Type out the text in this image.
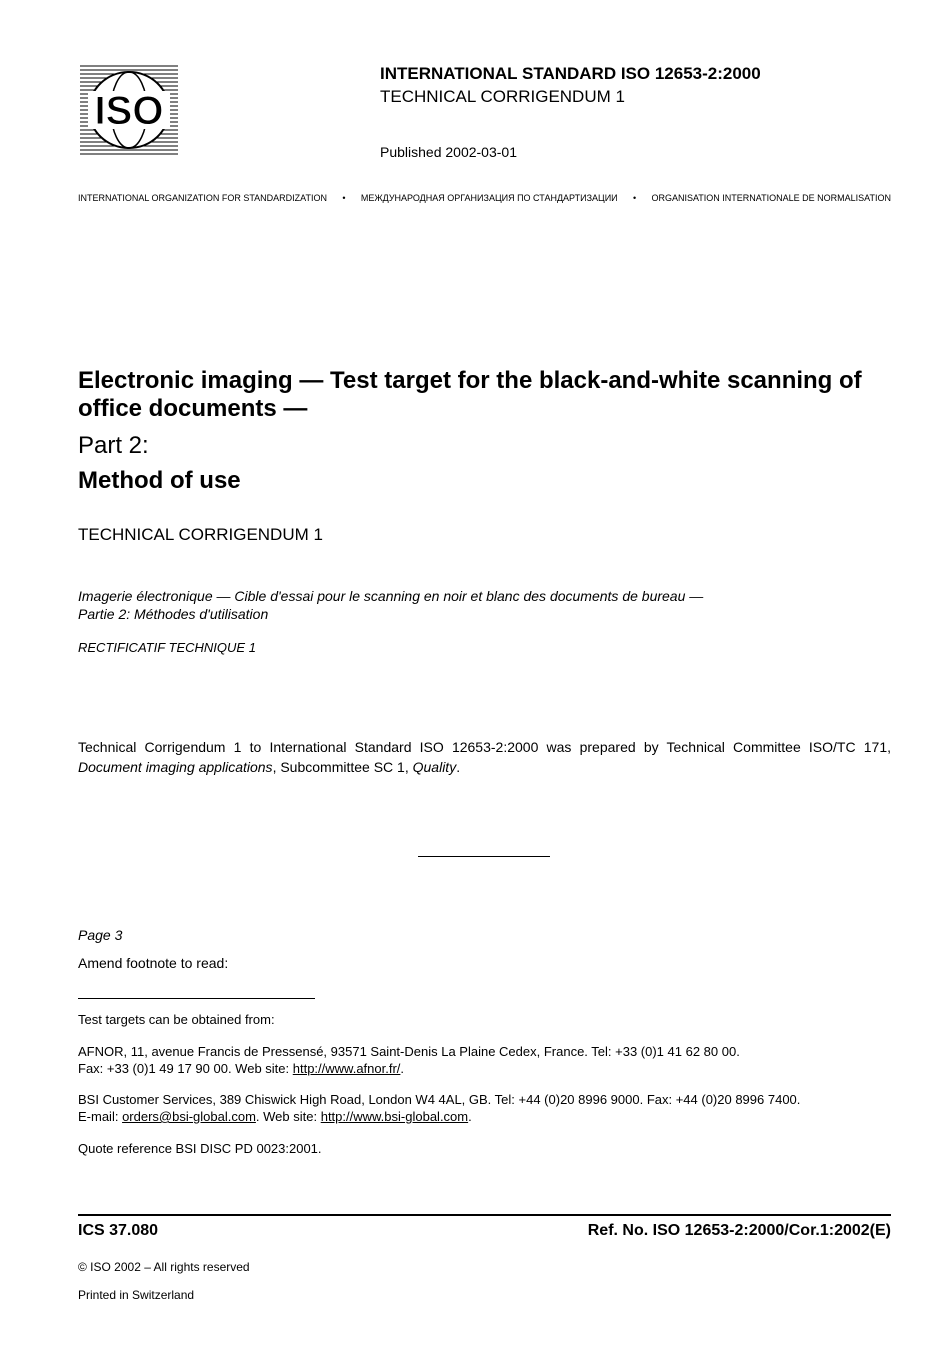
ISO
INTERNATIONAL STANDARD ISO 12653-2:2000
TECHNICAL CORRIGENDUM 1
Published 2002-03-01
INTERNATIONAL ORGANIZATION FOR STANDARDIZATION	•	МЕЖДУНАРОДНАЯ ОРГАНИЗАЦИЯ ПО СТАНДАРТИЗАЦИИ	•	ORGANISATION INTERNATIONALE DE NORMALISATION
Electronic imaging — Test target for the black-and-white scanning of office documents —
Part 2:
Method of use
TECHNICAL CORRIGENDUM 1
Imagerie électronique — Cible d'essai pour le scanning en noir et blanc des documents de bureau —
Partie 2: Méthodes d'utilisation
RECTIFICATIF TECHNIQUE 1
Technical Corrigendum 1 to International Standard ISO 12653-2:2000 was prepared by Technical Committee ISO/TC 171, Document imaging applications, Subcommittee SC 1, Quality.
Page 3
Amend footnote to read:
Test targets can be obtained from:
AFNOR, 11, avenue Francis de Pressensé, 93571 Saint-Denis La Plaine Cedex, France. Tel: +33 (0)1 41 62 80 00.
Fax: +33 (0)1 49 17 90 00. Web site: http://www.afnor.fr/.
BSI Customer Services, 389 Chiswick High Road, London W4 4AL, GB. Tel: +44 (0)20 8996 9000. Fax: +44 (0)20 8996 7400.
E-mail: orders@bsi-global.com. Web site: http://www.bsi-global.com.
Quote reference BSI DISC PD 0023:2001.
ICS 37.080	Ref. No. ISO 12653-2:2000/Cor.1:2002(E)
© ISO 2002 – All rights reserved
Printed in Switzerland
